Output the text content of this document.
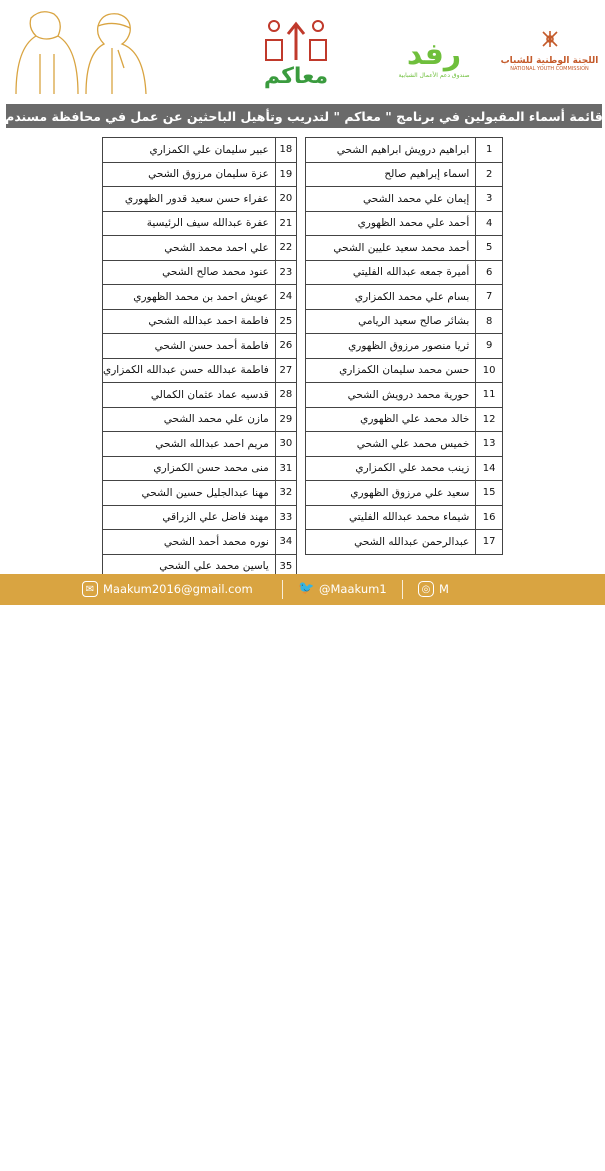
معاكم
رفد
صندوق دعم الأعمال الشبابية
اللجنة الوطنية للشباب
NATIONAL YOUTH COMMISSION
قائمة أسماء المقبولين في برنامج " معاكم " لتدريب وتأهيل الباحثين عن عمل في محافظة مسندم
1	ابراهيم درويش ابراهيم الشحي
2	اسماء إبراهيم صالح
3	إيمان علي محمد الشحي
4	أحمد علي محمد الظهوري
5	أحمد محمد سعيد عليين الشحي
6	أميرة جمعه عبدالله الفليتي
7	بسام علي محمد الكمزاري
8	بشائر صالح سعيد الريامي
9	ثريا منصور مرزوق الظهوري
10	حسن محمد سليمان الكمزاري
11	حورية محمد درويش الشحي
12	خالد محمد علي الظهوري
13	خميس محمد علي الشحي
14	زينب محمد علي الكمزاري
15	سعيد علي مرزوق الظهوري
16	شيماء محمد عبدالله الفليتي
17	عبدالرحمن عبدالله الشحي
18	عبير سليمان علي الكمزاري
19	عزة سليمان مرزوق الشحي
20	عفراء حسن سعيد قدور الظهوري
21	عفرة عبدالله سيف الرئيسية
22	علي احمد محمد الشحي
23	عنود محمد صالح الشحي
24	عويش احمد بن محمد الظهوري
25	فاطمة احمد عبدالله الشحي
26	فاطمة أحمد حسن الشحي
27	فاطمة عبدالله حسن عبدالله الكمزاري
28	قدسيه عماد عثمان الكمالي
29	مازن علي محمد الشحي
30	مريم احمد عبدالله الشحي
31	منى محمد حسن الكمزاري
32	مهنا عبدالجليل حسين الشحي
33	مهند فاضل علي الزراقي
34	نوره محمد أحمد الشحي
35	ياسين محمد علي الشحي
✉ Maakum2016@gmail.com	🐦 @Maakum1	◎ M
Musandam.net
